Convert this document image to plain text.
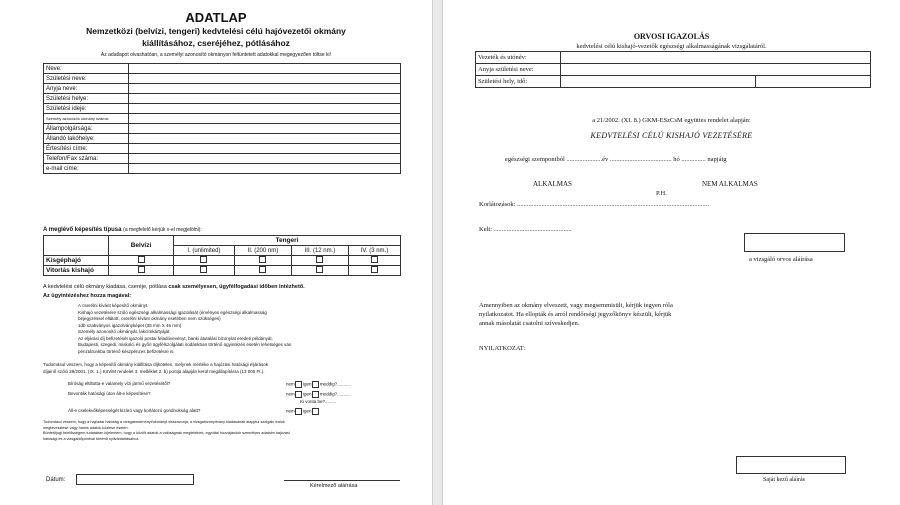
ADATLAP
Nemzetközi (belvízi, tengeri) kedvtelési célú hajóvezetői okmány
kiállításához, cseréjéhez, pótlásához
Az adatlapot olvashatóan, a személyi azonosító okmányon feltüntetett adatokkal megegyezően töltse ki!
Neve:	
Születési neve:	
Anyja neve:	
Születési helye:	
Születési ideje:	
Személy azonosító okmány száma:	
Állampolgársága:	
Állandó lakóhelye:	
Értesítési címe:	
Telefon/Fax száma:	
e-mail címe:	
A meglévő képesítés típusa (a megfelelő kérjük x-el megjelölni):
	Belvízi	Tengeri			
		I. (unlimited)	II. (200 nm)	III. (12 nm.)	IV. (3 nm.)
Kisgéphajó					
Vitorlás kishajó					
A kedvtelési célú okmány kiadása, cseréje, pótlása csak személyesen, ügyfélfogadási időben intézhető.
Az ügyintézéshez hozza magával:
A cserélni kívánt képesítő okmányt.
Kishajó vezetésére szóló egészségi alkalmassági igazolását (érvényes egészségi alkalmasság
bejegyzéssel ellátott, cserélni kívánt okmány esetében nem szükséges)
1db szabványos igazolványképet (35 mm X 45 mm)
Személy azonosító okmányát, lakcímkártyáját
Az eljárási díj befizetését igazoló postai feladóvevényt, banki átutalási bizonylat eredeti példányát.
Budapesti, szegedi, miskolci és győri ügyfélszolgálati irodánkban történő ügyintézés esetén lehetséges van
pénztárunkba történő készpénzes befizetésre is.
Tudomásul veszem, hogy a képesítő okmány kiállítása díjköteles, melynek mértéke a hajózási hatósági eljárások
díjairól szóló 29/2001. (IX. 1.) KöViM rendelet 3. melléklet 2. b) pontja alapján kerül megállapításra (13 000 Ft.).
Bíróság eltiltotta-e valamely vízi jármű vezetésétől?	nem igen meddig?...........
Bevonták hatósági úton ált-e képesítése?	nem igen meddig?...........
Ki vonta be?.........
Áll-e cselekvőképességét kizáró vagy korlátozó gondnokság alatt?	nem igen
Tudomásul veszem, hogy a hajózási hatóság a vizsgaeredményt/okmányt visszavonja, a vizsgabizonyítvány kiadásának alapjául szolgáló iratok
megtévesztése vagy hamis adatok közlése esetén.
Büntetőjogi felelősségem tudatában kijelentem, hogy a közölt adatok a valóságnak megfelelnek, egyúttal hozzájárulok személyes adataim hajózási
hatósági és a vizsgaidőpontnál történő nyilvántartásához.
Dátum:
Kérelmező aláírása
ORVOSI IGAZOLÁS
kedvtelési célú kishajó-vezetők egészségi alkalmasságának vizsgálatáról.
Vezeték és utónév:		
Anyja születési neve:		
Születési hely, idő:		
a 21/2002. (XI. 8.) GKM-ESzCsM együttes rendelet alapján:
KEDVTELÉSI CÉLÚ KISHAJÓ VEZETÉSÉRE
egészségi szempontból ......................év ...................................... hó ............... napjáig
ALKALMAS	NEM ALKALMAS
P.H.
Korlátozások: ......................................................................................................................
Kelt: ................................................
a vizsgáló orvos aláírása
Amennyiben az okmány elveszett, vagy megsemmisült, kérjük tegyen róla
nyilatkozatot. Ha ellopták és arról rendőrségi jegyzőkönyv készült, kérjük
annak másolatát csatolni szíveskedjen.
NYILATKOZAT:
Saját kezű aláírás
